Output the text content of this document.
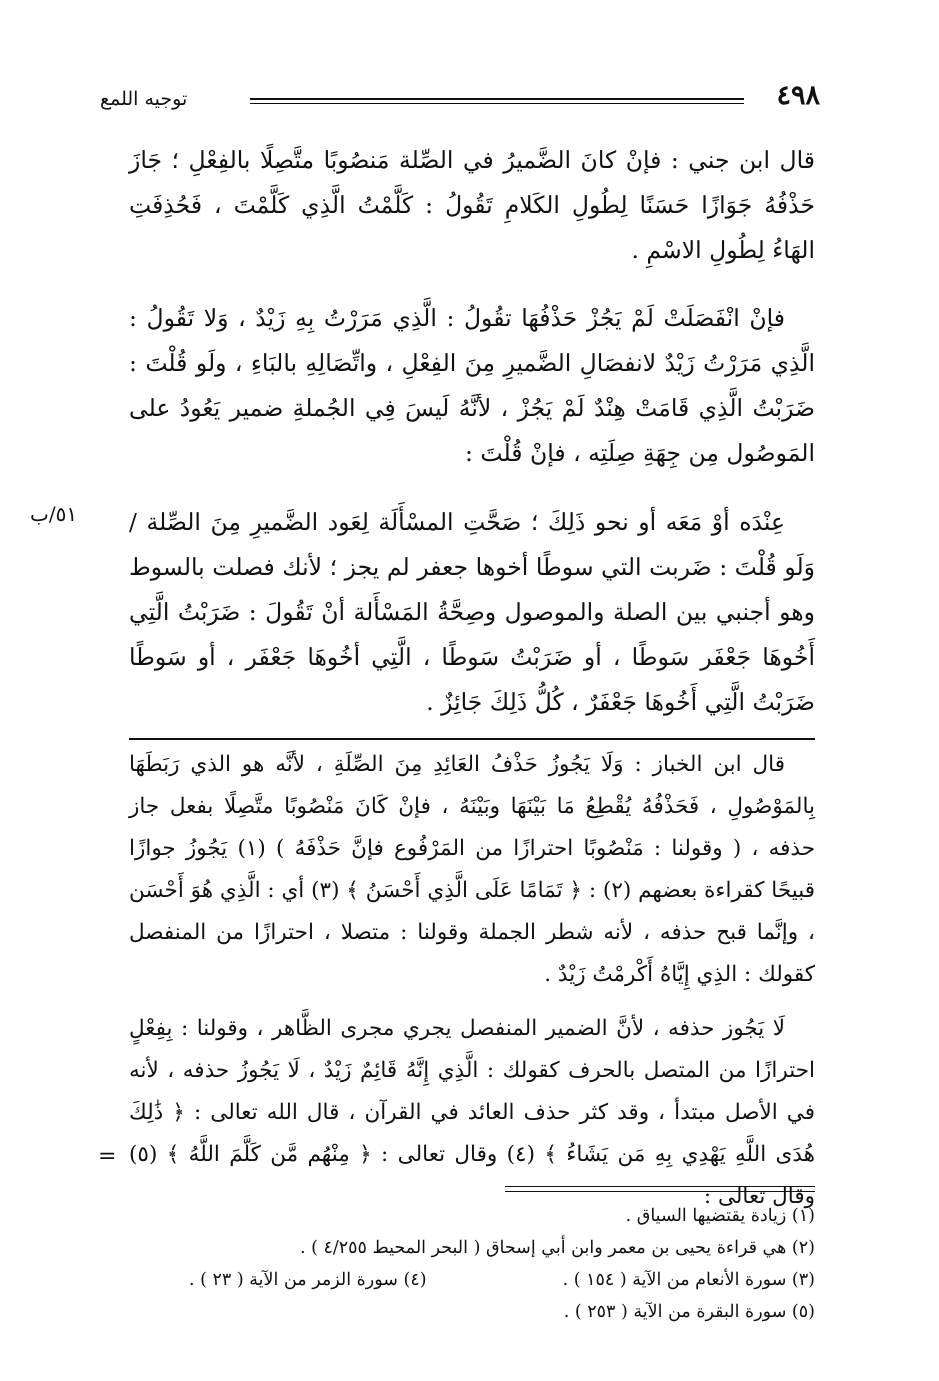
٤٩٨
توجيه اللمع

قال ابن جني : فإنْ كانَ الضَّميرُ في الصِّلة مَنصُوبًا متَّصِلًا بالفِعْلِ ؛ جَازَ حَذْفُهُ جَوَازًا حَسَنًا لِطُولِ الكَلامِ تَقُولُ : كَلَّمْتُ الَّذِي كَلَّمْتَ ، فَحُذِفَتِ الهَاءُ لِطُولِ الاسْمِ .

فإنْ انْفَصَلَتْ لَمْ يَجُزْ حَذْفُهَا تقُولُ : الَّذِي مَرَرْتُ بِهِ زَيْدٌ ، وَلا تَقُولُ : الَّذِي مَرَرْتُ زَيْدٌ لانفصَالِ الضَّميرِ مِنَ الفِعْلِ ، واتِّصَالِهِ بالبَاءِ ، ولَو قُلْتَ : ضَرَبْتُ الَّذِي قَامَتْ هِنْدٌ لَمْ يَجُزْ ، لأنَّهُ لَيسَ فِي الجُملةِ ضمير يَعُودُ على المَوصُول مِن جِهَةِ صِلَتِه ، فإنْ قُلْتَ :

عِنْدَه أوْ مَعَه أو نحو ذَلِكَ ؛ صَحَّتِ المسْأَلَة لِعَود الضَّميرِ مِنَ الصِّلة / وَلَو قُلْتَ : ضَربت التي سوطًا أخوها جعفر لم يجز ؛ لأنك فصلت بالسوط وهو أجنبي بين الصلة والموصول وصِحَّةُ المَسْأَلة أنْ تَقُولَ : ضَرَبْتُ الَّتِي أَخُوهَا جَعْفَر سَوطًا ، أو ضَرَبْتُ سَوطًا ، الَّتِي أخُوهَا جَعْفَر ، أو سَوطًا ضَرَبْتُ الَّتِي أَخُوهَا جَعْفَرٌ ، كُلُّ ذَلِكَ جَائِزٌ .

٥١/ب

قال ابن الخباز : وَلَا يَجُوزُ حَذْفُ العَائِدِ مِنَ الصِّلَةِ ، لأنَّه هو الذي رَبَطَهَا بِالمَوْصُولِ ، فَحَذْفُهُ يُقْطِعُ مَا بَيْنَهَا وبَيْنَهُ ، فإنْ كَانَ مَنْصُوبًا متَّصِلًا بفعل جاز حذفه ، ( وقولنا : مَنْصُوبًا احترازًا من المَرْفُوع فإنَّ حَذْفَهُ ) (١) يَجُوزُ جوازًا قبيحًا كقراءة بعضهم (٢) : ﴿ تَمَامًا عَلَى الَّذِي أَحْسَنُ ﴾ (٣) أي : الَّذِي هُوَ أَحْسَن ، وإنَّما قبح حذفه ، لأنه شطر الجملة وقولنا : متصلا ، احترازًا من المنفصل كقولك : الذِي إِيَّاهُ أَكْرمْتُ زَيْدٌ .

لَا يَجُوز حذفه ، لأنَّ الضمير المنفصل يجري مجرى الظَّاهر ، وقولنا : بِفِعْلٍ احترازًا من المتصل بالحرف كقولك : الَّذِي إِنَّهُ قَائِمٌ زَيْدٌ ، لَا يَجُوزُ حذفه ، لأنه في الأصل مبتدأ ، وقد كثر حذف العائد في القرآن ، قال الله تعالى : ﴿ ذَٰلِكَ هُدَى اللَّهِ يَهْدِي بِهِ مَن يَشَاءُ ﴾ (٤) وقال تعالى : ﴿ مِنْهُم مَّن كَلَّمَ اللَّهُ ﴾ (٥) وقال تعالى :

=
(١) زيادة يقتضيها السياق .
(٢) هي قراءة يحيى بن معمر وابن أبي إسحاق ( البحر المحيط ٤/٢٥٥ ) .
(٣) سورة الأنعام من الآية ( ١٥٤ ) .
(٤) سورة الزمر من الآية ( ٢٣ ) .
(٥) سورة البقرة من الآية ( ٢٥٣ ) .
